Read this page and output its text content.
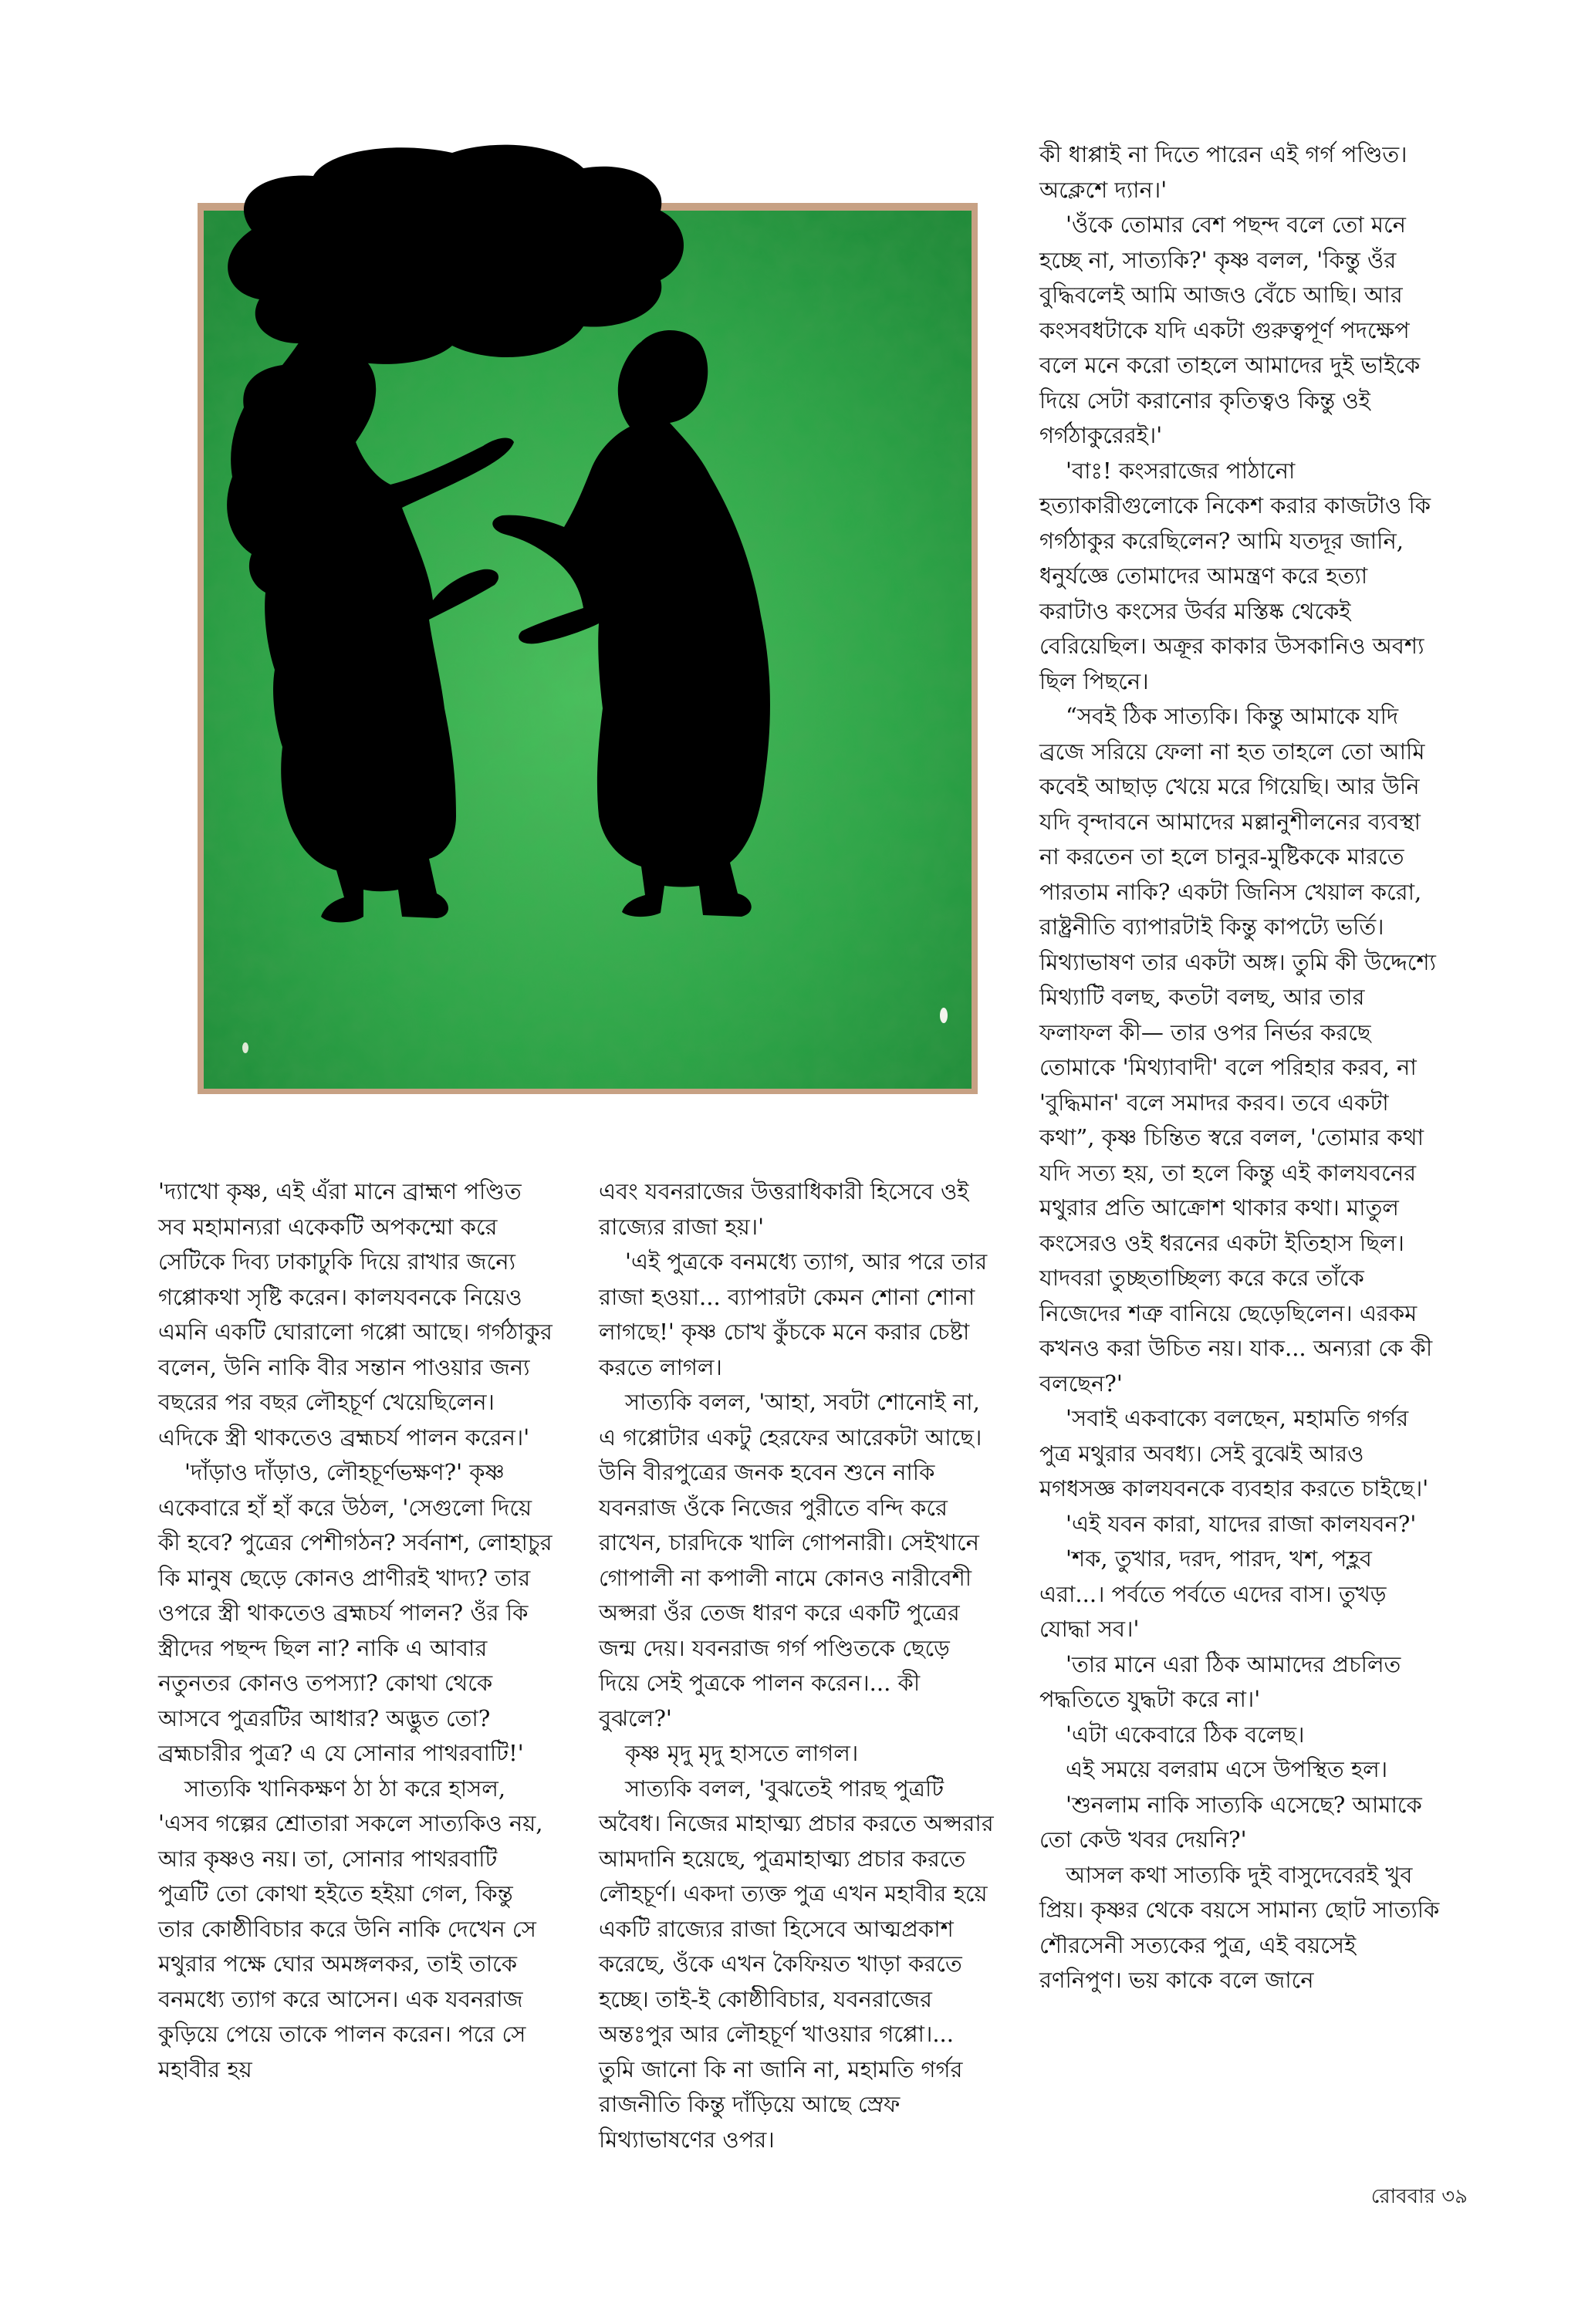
কী ধাপ্পাই না দিতে পারেন এই গর্গ পণ্ডিত। অক্লেশে দ্যান।'

'ওঁকে তোমার বেশ পছন্দ বলে তো মনে হচ্ছে না, সাত্যকি?' কৃষ্ণ বলল, 'কিন্তু ওঁর বুদ্ধিবলেই আমি আজও বেঁচে আছি। আর কংসবধটাকে যদি একটা গুরুত্বপূর্ণ পদক্ষেপ বলে মনে করো তাহলে আমাদের দুই ভাইকে দিয়ে সেটা করানোর কৃতিত্বও কিন্তু ওই গর্গঠাকুরেরই।'

'বাঃ! কংসরাজের পাঠানো হত্যাকারীগুলোকে নিকেশ করার কাজটাও কি গর্গঠাকুর করেছিলেন? আমি যতদূর জানি, ধনুর্যজ্ঞে তোমাদের আমন্ত্রণ করে হত্যা করাটাও কংসের উর্বর মস্তিষ্ক থেকেই বেরিয়েছিল। অক্রূর কাকার উসকানিও অবশ্য ছিল পিছনে।

“সবই ঠিক সাত্যকি। কিন্তু আমাকে যদি ব্রজে সরিয়ে ফেলা না হত তাহলে তো আমি কবেই আছাড় খেয়ে মরে গিয়েছি। আর উনি যদি বৃন্দাবনে আমাদের মল্লানুশীলনের ব্যবস্থা না করতেন তা হলে চানুর-মুষ্টিককে মারতে পারতাম নাকি? একটা জিনিস খেয়াল করো, রাষ্ট্রনীতি ব্যাপারটাই কিন্তু কাপট্যে ভর্তি। মিথ্যাভাষণ তার একটা অঙ্গ। তুমি কী উদ্দেশ্যে মিথ্যাটি বলছ, কতটা বলছ, আর তার ফলাফল কী— তার ওপর নির্ভর করছে তোমাকে 'মিথ্যাবাদী' বলে পরিহার করব, না 'বুদ্ধিমান' বলে সমাদর করব। তবে একটা কথা”, কৃষ্ণ চিন্তিত স্বরে বলল, 'তোমার কথা যদি সত্য হয়, তা হলে কিন্তু এই কালযবনের মথুরার প্রতি আক্রোশ থাকার কথা। মাতুল কংসেরও ওই ধরনের একটা ইতিহাস ছিল। যাদবরা তুচ্ছতাচ্ছিল্য করে করে তাঁকে নিজেদের শত্রু বানিয়ে ছেড়েছিলেন। এরকম কখনও করা উচিত নয়। যাক... অন্যরা কে কী বলছেন?'

'সবাই একবাক্যে বলছেন, মহামতি গর্গর পুত্র মথুরার অবধ্য। সেই বুঝেই আরও মগধসজ্ঞ কালযবনকে ব্যবহার করতে চাইছে।'

'এই যবন কারা, যাদের রাজা কালযবন?'

'শক, তুখার, দরদ, পারদ, খশ, পহ্লব এরা...। পর্বতে পর্বতে এদের বাস। তুখড় যোদ্ধা সব।'

'তার মানে এরা ঠিক আমাদের প্রচলিত পদ্ধতিতে যুদ্ধটা করে না।'

'এটা একেবারে ঠিক বলেছ।

এই সময়ে বলরাম এসে উপস্থিত হল।

'শুনলাম নাকি সাত্যকি এসেছে? আমাকে তো কেউ খবর দেয়নি?'

আসল কথা সাত্যকি দুই বাসুদেবেরই খুব প্রিয়। কৃষ্ণর থেকে বয়সে সামান্য ছোট সাত্যকি শৌরসেনী সত্যকের পুত্র, এই বয়সেই রণনিপুণ। ভয় কাকে বলে জানে

'দ্যাখো কৃষ্ণ, এই এঁরা মানে ব্রাহ্মণ পণ্ডিত সব মহামান্যরা একেকটি অপকম্মো করে সেটিকে দিব্য ঢাকাঢুকি দিয়ে রাখার জন্যে গপ্পোকথা সৃষ্টি করেন। কালযবনকে নিয়েও এমনি একটি ঘোরালো গপ্পো আছে। গর্গঠাকুর বলেন, উনি নাকি বীর সন্তান পাওয়ার জন্য বছরের পর বছর লৌহচূর্ণ খেয়েছিলেন। এদিকে স্ত্রী থাকতেও ব্রহ্মচর্য পালন করেন।'

'দাঁড়াও দাঁড়াও, লৌহচূর্ণভক্ষণ?' কৃষ্ণ একেবারে হাঁ হাঁ করে উঠল, 'সেগুলো দিয়ে কী হবে? পুত্রের পেশীগঠন? সর্বনাশ, লোহাচুর কি মানুষ ছেড়ে কোনও প্রাণীরই খাদ্য? তার ওপরে স্ত্রী থাকতেও ব্রহ্মচর্য পালন? ওঁর কি স্ত্রীদের পছন্দ ছিল না? নাকি এ আবার নতুনতর কোনও তপস্যা? কোথা থেকে আসবে পুত্ররটির আধার? অদ্ভুত তো? ব্রহ্মচারীর পুত্র? এ যে সোনার পাথরবাটি!'

সাত্যকি খানিকক্ষণ ঠা ঠা করে হাসল, 'এসব গল্পের শ্রোতারা সকলে সাত্যকিও নয়, আর কৃষ্ণও নয়। তা, সোনার পাথরবাটি পুত্রটি তো কোথা হইতে হইয়া গেল, কিন্তু তার কোষ্ঠীবিচার করে উনি নাকি দেখেন সে মথুরার পক্ষে ঘোর অমঙ্গলকর, তাই তাকে বনমধ্যে ত্যাগ করে আসেন। এক যবনরাজ কুড়িয়ে পেয়ে তাকে পালন করেন। পরে সে মহাবীর হয়

এবং যবনরাজের উত্তরাধিকারী হিসেবে ওই রাজ্যের রাজা হয়।'

'এই পুত্রকে বনমধ্যে ত্যাগ, আর পরে তার রাজা হওয়া... ব্যাপারটা কেমন শোনা শোনা লাগছে!' কৃষ্ণ চোখ কুঁচকে মনে করার চেষ্টা করতে লাগল।

সাত্যকি বলল, 'আহা, সবটা শোনোই না, এ গপ্পোটার একটু হেরফের আরেকটা আছে। উনি বীরপুত্রের জনক হবেন শুনে নাকি যবনরাজ ওঁকে নিজের পুরীতে বন্দি করে রাখেন, চারদিকে খালি গোপনারী। সেইখানে গোপালী না কপালী নামে কোনও নারীবেশী অপ্সরা ওঁর তেজ ধারণ করে একটি পুত্রের জন্ম দেয়। যবনরাজ গর্গ পণ্ডিতকে ছেড়ে দিয়ে সেই পুত্রকে পালন করেন।... কী বুঝলে?'

কৃষ্ণ মৃদু মৃদু হাসতে লাগল।

সাত্যকি বলল, 'বুঝতেই পারছ পুত্রটি অবৈধ। নিজের মাহাত্ম্য প্রচার করতে অপ্সরার আমদানি হয়েছে, পুত্রমাহাত্ম্য প্রচার করতে লৌহচূর্ণ। একদা ত্যক্ত পুত্র এখন মহাবীর হয়ে একটি রাজ্যের রাজা হিসেবে আত্মপ্রকাশ করেছে, ওঁকে এখন কৈফিয়ত খাড়া করতে হচ্ছে। তাই-ই কোষ্ঠীবিচার, যবনরাজের অন্তঃপুর আর লৌহচূর্ণ খাওয়ার গপ্পো।... তুমি জানো কি না জানি না, মহামতি গর্গর রাজনীতি কিন্তু দাঁড়িয়ে আছে স্রেফ মিথ্যাভাষণের ওপর।

রোববার ৩৯
